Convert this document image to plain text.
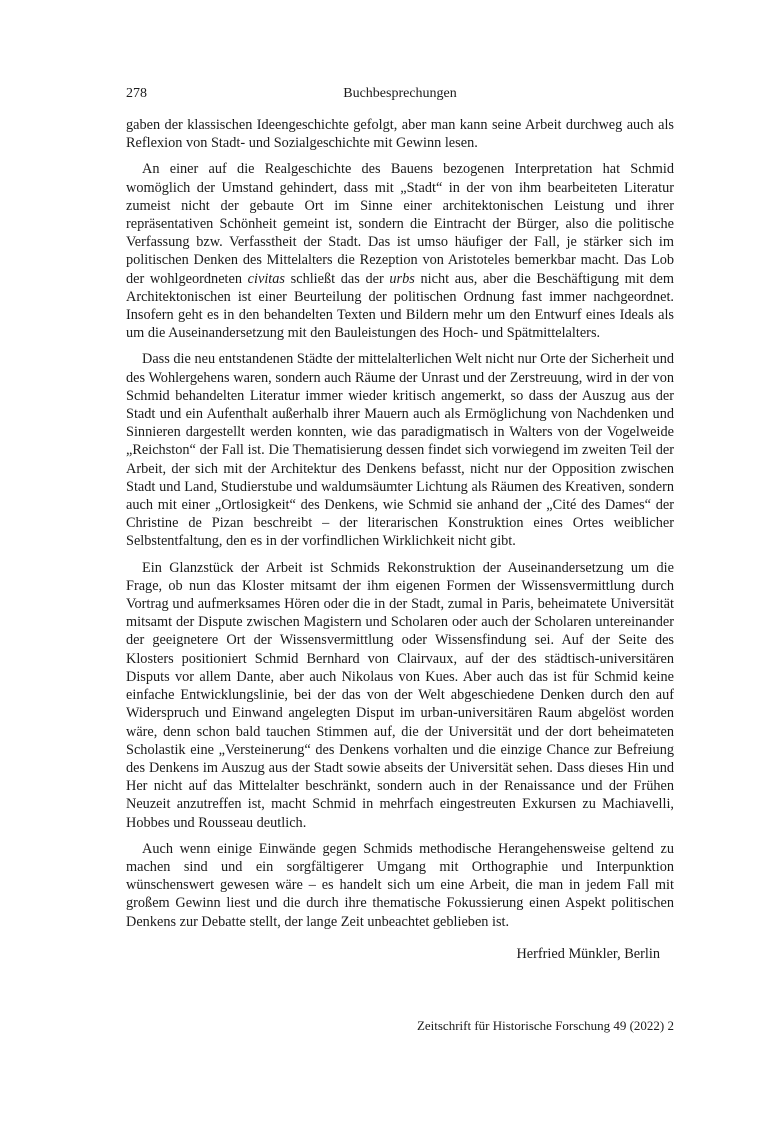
278	Buchbesprechungen

gaben der klassischen Ideengeschichte gefolgt, aber man kann seine Arbeit durchweg auch als Reflexion von Stadt- und Sozialgeschichte mit Gewinn lesen.

An einer auf die Realgeschichte des Bauens bezogenen Interpretation hat Schmid womöglich der Umstand gehindert, dass mit „Stadt“ in der von ihm bearbeiteten Literatur zumeist nicht der gebaute Ort im Sinne einer architektonischen Leistung und ihrer repräsentativen Schönheit gemeint ist, sondern die Eintracht der Bürger, also die politische Verfassung bzw. Verfasstheit der Stadt. Das ist umso häufiger der Fall, je stärker sich im politischen Denken des Mittelalters die Rezeption von Aristoteles bemerkbar macht. Das Lob der wohlgeordneten civitas schließt das der urbs nicht aus, aber die Beschäftigung mit dem Architektonischen ist einer Beurteilung der politischen Ordnung fast immer nachgeordnet. Insofern geht es in den behandelten Texten und Bildern mehr um den Entwurf eines Ideals als um die Auseinandersetzung mit den Bauleistungen des Hoch- und Spätmittelalters.

Dass die neu entstandenen Städte der mittelalterlichen Welt nicht nur Orte der Sicherheit und des Wohlergehens waren, sondern auch Räume der Unrast und der Zerstreuung, wird in der von Schmid behandelten Literatur immer wieder kritisch angemerkt, so dass der Auszug aus der Stadt und ein Aufenthalt außerhalb ihrer Mauern auch als Ermöglichung von Nachdenken und Sinnieren dargestellt werden konnten, wie das paradigmatisch in Walters von der Vogelweide „Reichston“ der Fall ist. Die Thematisierung dessen findet sich vorwiegend im zweiten Teil der Arbeit, der sich mit der Architektur des Denkens befasst, nicht nur der Opposition zwischen Stadt und Land, Studierstube und waldumsäumter Lichtung als Räumen des Kreativen, sondern auch mit einer „Ortlosigkeit“ des Denkens, wie Schmid sie anhand der „Cité des Dames“ der Christine de Pizan beschreibt – der literarischen Konstruktion eines Ortes weiblicher Selbstentfaltung, den es in der vorfindlichen Wirklichkeit nicht gibt.

Ein Glanzstück der Arbeit ist Schmids Rekonstruktion der Auseinandersetzung um die Frage, ob nun das Kloster mitsamt der ihm eigenen Formen der Wissensvermittlung durch Vortrag und aufmerksames Hören oder die in der Stadt, zumal in Paris, beheimatete Universität mitsamt der Dispute zwischen Magistern und Scholaren oder auch der Scholaren untereinander der geeignetere Ort der Wissensvermittlung oder Wissensfindung sei. Auf der Seite des Klosters positioniert Schmid Bernhard von Clairvaux, auf der des städtisch-universitären Disputs vor allem Dante, aber auch Nikolaus von Kues. Aber auch das ist für Schmid keine einfache Entwicklungslinie, bei der das von der Welt abgeschiedene Denken durch den auf Widerspruch und Einwand angelegten Disput im urban-universitären Raum abgelöst worden wäre, denn schon bald tauchen Stimmen auf, die der Universität und der dort beheimateten Scholastik eine „Versteinerung“ des Denkens vorhalten und die einzige Chance zur Befreiung des Denkens im Auszug aus der Stadt sowie abseits der Universität sehen. Dass dieses Hin und Her nicht auf das Mittelalter beschränkt, sondern auch in der Renaissance und der Frühen Neuzeit anzutreffen ist, macht Schmid in mehrfach eingestreuten Exkursen zu Machiavelli, Hobbes und Rousseau deutlich.

Auch wenn einige Einwände gegen Schmids methodische Herangehensweise geltend zu machen sind und ein sorgfältigerer Umgang mit Orthographie und Interpunktion wünschenswert gewesen wäre – es handelt sich um eine Arbeit, die man in jedem Fall mit großem Gewinn liest und die durch ihre thematische Fokussierung einen Aspekt politischen Denkens zur Debatte stellt, der lange Zeit unbeachtet geblieben ist.

Herfried Münkler, Berlin
Zeitschrift für Historische Forschung 49 (2022) 2
